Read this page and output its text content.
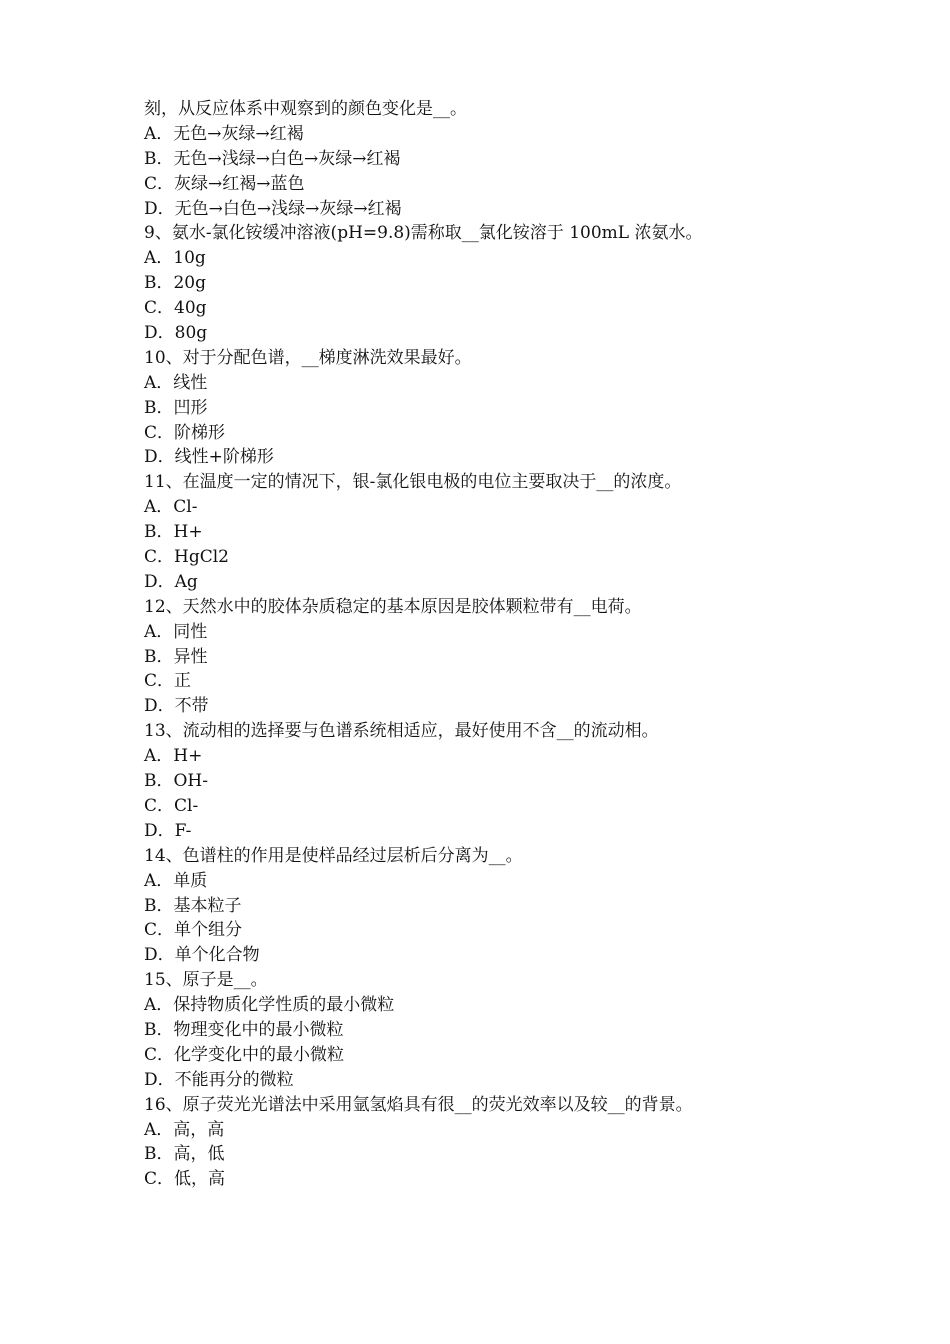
刻，从反应体系中观察到的颜色变化是__。
A．无色→灰绿→红褐
B．无色→浅绿→白色→灰绿→红褐
C．灰绿→红褐→蓝色
D．无色→白色→浅绿→灰绿→红褐
9、氨水-氯化铵缓冲溶液(pH=9.8)需称取__氯化铵溶于 100mL 浓氨水。
A．10g
B．20g
C．40g
D．80g
10、对于分配色谱，__梯度淋洗效果最好。
A．线性
B．凹形
C．阶梯形
D．线性+阶梯形
11、在温度一定的情况下，银-氯化银电极的电位主要取决于__的浓度。
A．Cl-
B．H+
C．HgCl2
D．Ag
12、天然水中的胶体杂质稳定的基本原因是胶体颗粒带有__电荷。
A．同性
B．异性
C．正
D．不带
13、流动相的选择要与色谱系统相适应，最好使用不含__的流动相。
A．H+
B．OH-
C．Cl-
D．F-
14、色谱柱的作用是使样品经过层析后分离为__。
A．单质
B．基本粒子
C．单个组分
D．单个化合物
15、原子是__。
A．保持物质化学性质的最小微粒
B．物理变化中的最小微粒
C．化学变化中的最小微粒
D．不能再分的微粒
16、原子荧光光谱法中采用氩氢焰具有很__的荧光效率以及较__的背景。
A．高，高
B．高，低
C．低，高
